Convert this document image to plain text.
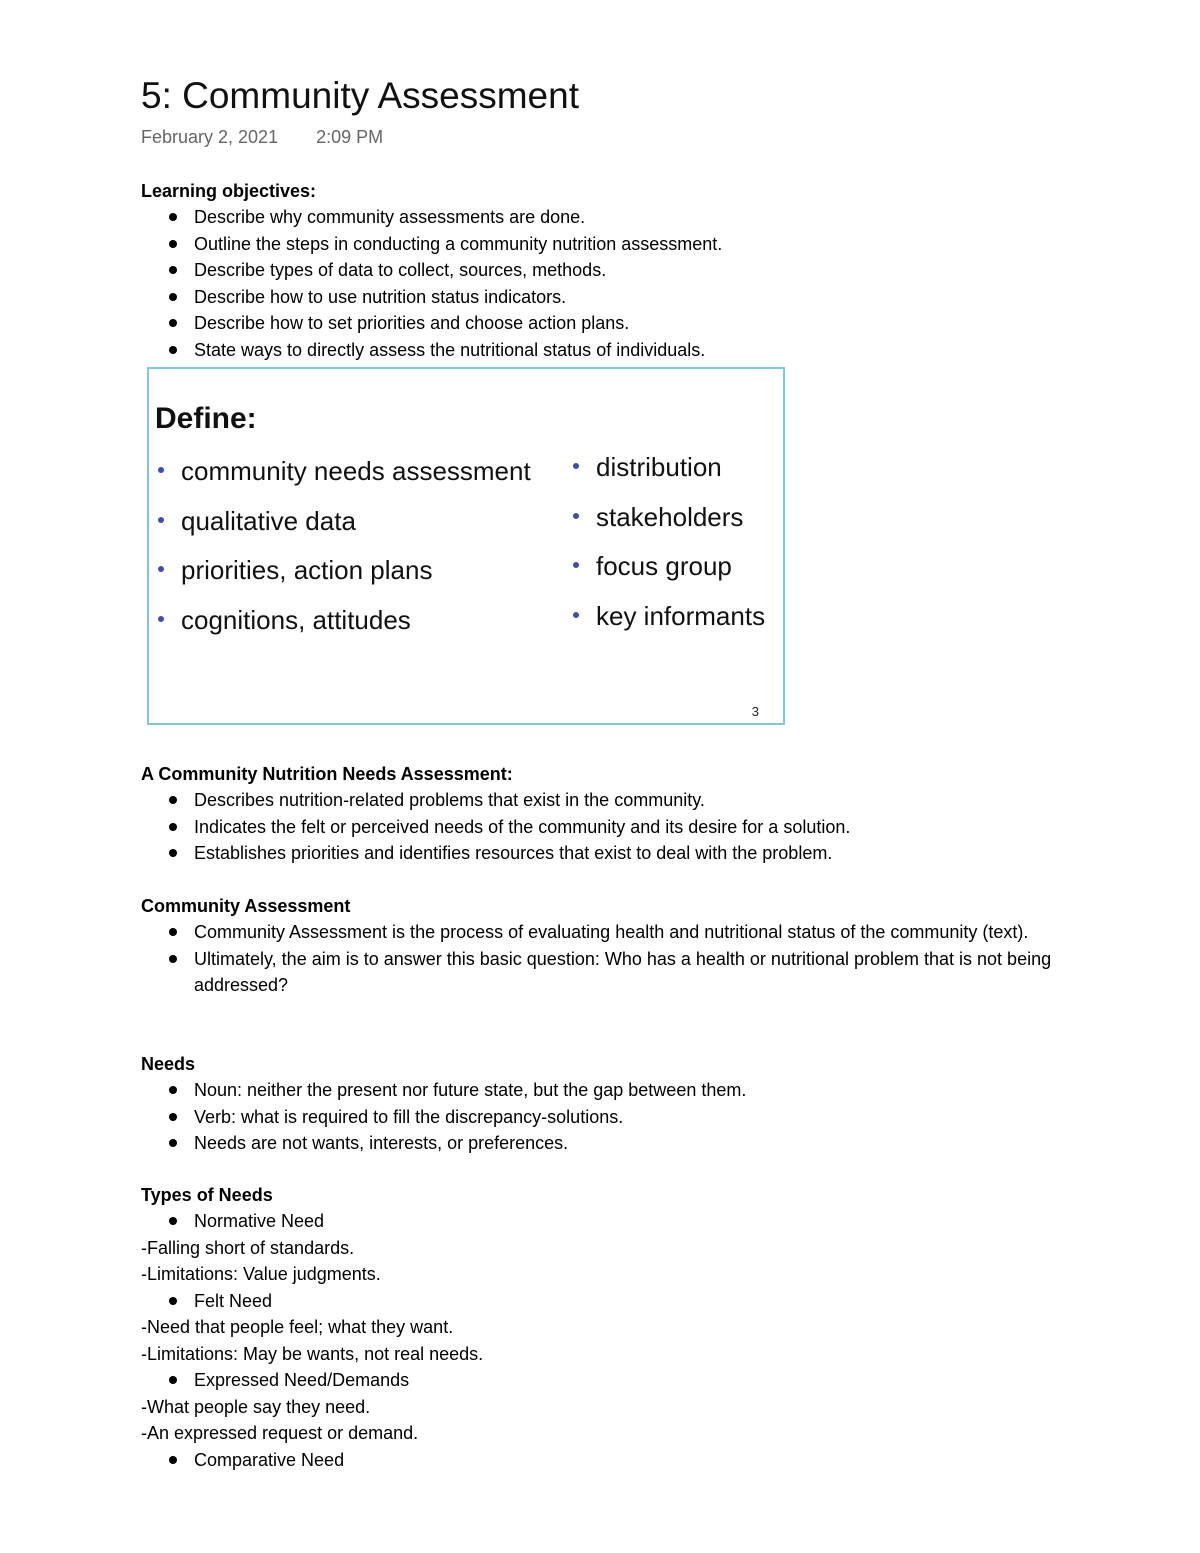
5: Community Assessment
February 2, 2021 2:09 PM
Learning objectives:
Describe why community assessments are done.
Outline the steps in conducting a community nutrition assessment.
Describe types of data to collect, sources, methods.
Describe how to use nutrition status indicators.
Describe how to set priorities and choose action plans.
State ways to directly assess the nutritional status of individuals.
A Community Nutrition Needs Assessment:
Describes nutrition-related problems that exist in the community.
Indicates the felt or perceived needs of the community and its desire for a solution.
Establishes priorities and identifies resources that exist to deal with the problem.
Community Assessment
Community Assessment is the process of evaluating health and nutritional status of the community (text).
Ultimately, the aim is to answer this basic question: Who has a health or nutritional problem that is not being addressed?
Needs
Noun: neither the present nor future state, but the gap between them.
Verb: what is required to fill the discrepancy-solutions.
Needs are not wants, interests, or preferences.
Types of Needs
Normative Need
-Falling short of standards.
-Limitations: Value judgments.
Felt Need
-Need that people feel; what they want.
-Limitations: May be wants, not real needs.
Expressed Need/Demands
-What people say they need.
-An expressed request or demand.
Comparative Need
Define:
community needs assessment
qualitative data
priorities, action plans
cognitions, attitudes
distribution
stakeholders
focus group
key informants
3
